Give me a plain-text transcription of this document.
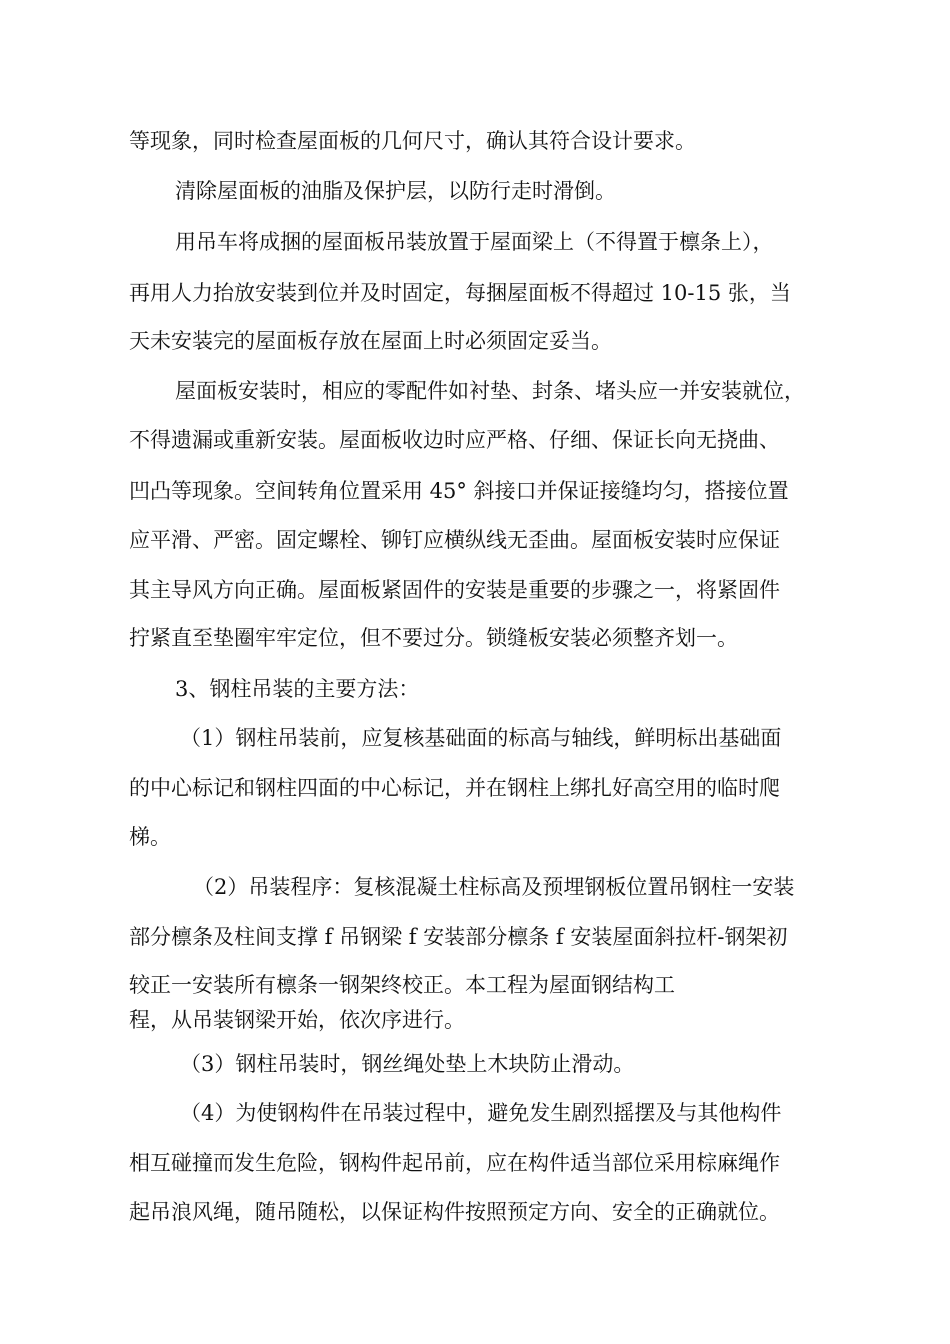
等现象，同时检查屋面板的几何尺寸，确认其符合设计要求。
清除屋面板的油脂及保护层，以防行走时滑倒。
用吊车将成捆的屋面板吊装放置于屋面梁上（不得置于檩条上），
再用人力抬放安装到位并及时固定，每捆屋面板不得超过 10-15 张，当
天未安装完的屋面板存放在屋面上时必须固定妥当。
屋面板安装时，相应的零配件如衬垫、封条、堵头应一并安装就位，
不得遗漏或重新安装。屋面板收边时应严格、仔细、保证长向无挠曲、
凹凸等现象。空间转角位置采用 45° 斜接口并保证接缝均匀，搭接位置
应平滑、严密。固定螺栓、铆钉应横纵线无歪曲。屋面板安装时应保证
其主导风方向正确。屋面板紧固件的安装是重要的步骤之一，将紧固件
拧紧直至垫圈牢牢定位，但不要过分。锁缝板安装必须整齐划一。
3、钢柱吊装的主要方法：
（1）钢柱吊装前，应复核基础面的标高与轴线，鲜明标出基础面
的中心标记和钢柱四面的中心标记，并在钢柱上绑扎好高空用的临时爬
梯。
（2）吊装程序：复核混凝土柱标高及预埋钢板位置吊钢柱一安装
部分檩条及柱间支撑 f 吊钢梁 f 安装部分檩条 f 安装屋面斜拉杆-钢架初
较正一安装所有檩条一钢架终校正。本工程为屋面钢结构工
程，从吊装钢梁开始，依次序进行。
（3）钢柱吊装时，钢丝绳处垫上木块防止滑动。
（4）为使钢构件在吊装过程中，避免发生剧烈摇摆及与其他构件
相互碰撞而发生危险，钢构件起吊前，应在构件适当部位采用棕麻绳作
起吊浪风绳，随吊随松，以保证构件按照预定方向、安全的正确就位。
